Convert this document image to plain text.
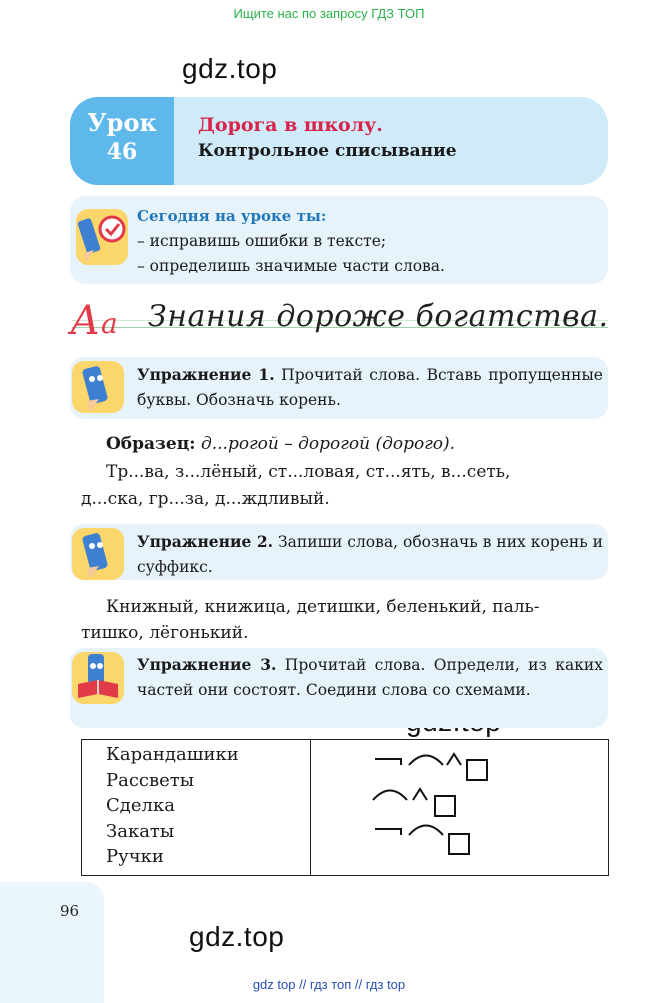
Ищите нас по запросу ГДЗ ТОП
gdz.top
gdz.top
Урок
46
Дорога в школу.
Контрольное списывание
Сегодня на уроке ты:
– исправишь ошибки в тексте;
– определишь значимые части слова.
А а Знания дороже богатства.
Упражнение 1. Прочитай слова. Вставь пропущенные буквы. Обозначь корень.
Образец: д...рогой – дорогой (дорого).
Тр...ва, з...лёный, ст...ловая, ст...ять, в...сеть,
д...ска, гр...за, д...ждливый.
Упражнение 2. Запиши слова, обозначь в них корень и суффикс.
Книжный, книжица, детишки, беленький, паль-
тишко, лёгонький.
Упражнение 3. Прочитай слова. Определи, из каких частей они состоят. Соедини слова со схемами.
Карандашики
Рассветы
Сделка
Закаты
Ручки

96
gdz top // гдз топ // гдз top
